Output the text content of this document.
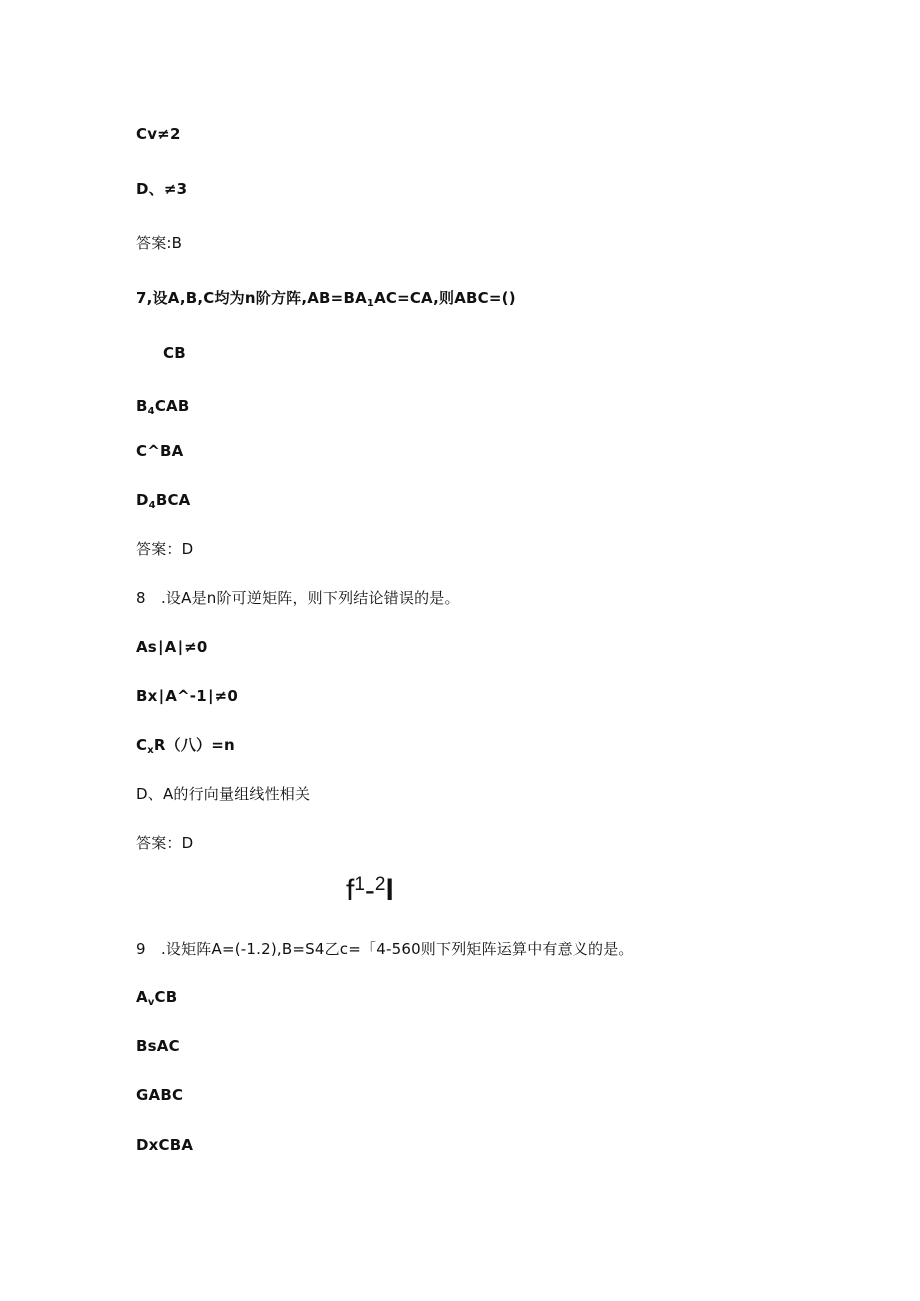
Cv≠2
D、≠3
答案:B
7,设A,B,C均为n阶方阵$,AB=BA_1AC=CA$,则ABC=()
CB
$B_4CAB$
C^BA
$D_4BCA$
答案：D
8 .设A是n阶可逆矩阵，则下列结论错误的是。
As∣A∣≠0
Bx∣A^-1∣≠0
$C_xR$（八）=n
D、A的行向量组线性相关
答案：D
$f^1-^2l$
9 .设矩阵A=(-1.2),B=S4乙c=「4-560则下列矩阵运算中有意义的是。
$A_vCB$
BsAC
GABC
DxCBA
